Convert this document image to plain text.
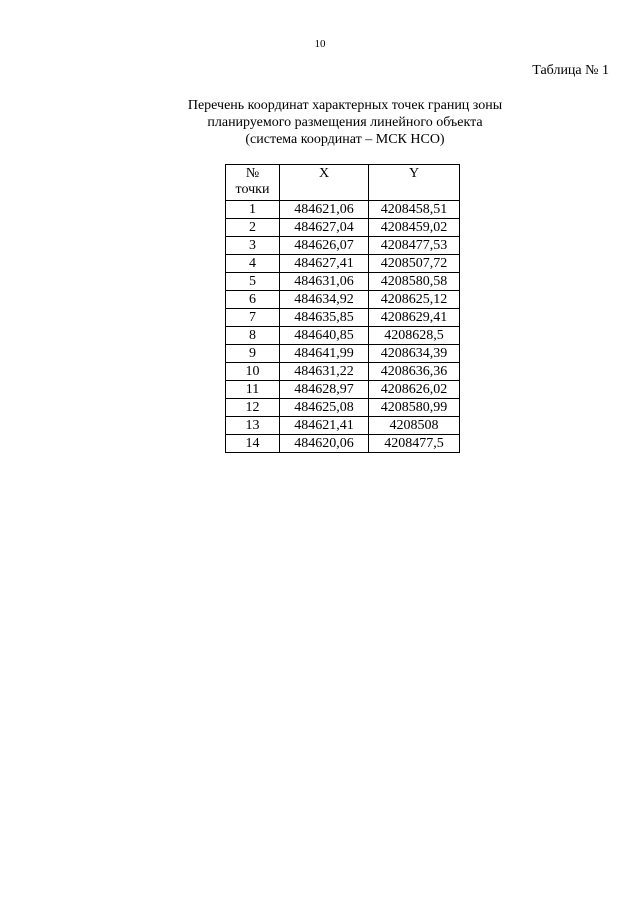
10
Таблица № 1
Перечень координат характерных точек границ зоны
планируемого размещения линейного объекта
(система координат – МСК НСО)
№
точки	X	Y
1	484621,06	4208458,51
2	484627,04	4208459,02
3	484626,07	4208477,53
4	484627,41	4208507,72
5	484631,06	4208580,58
6	484634,92	4208625,12
7	484635,85	4208629,41
8	484640,85	4208628,5
9	484641,99	4208634,39
10	484631,22	4208636,36
11	484628,97	4208626,02
12	484625,08	4208580,99
13	484621,41	4208508
14	484620,06	4208477,5
